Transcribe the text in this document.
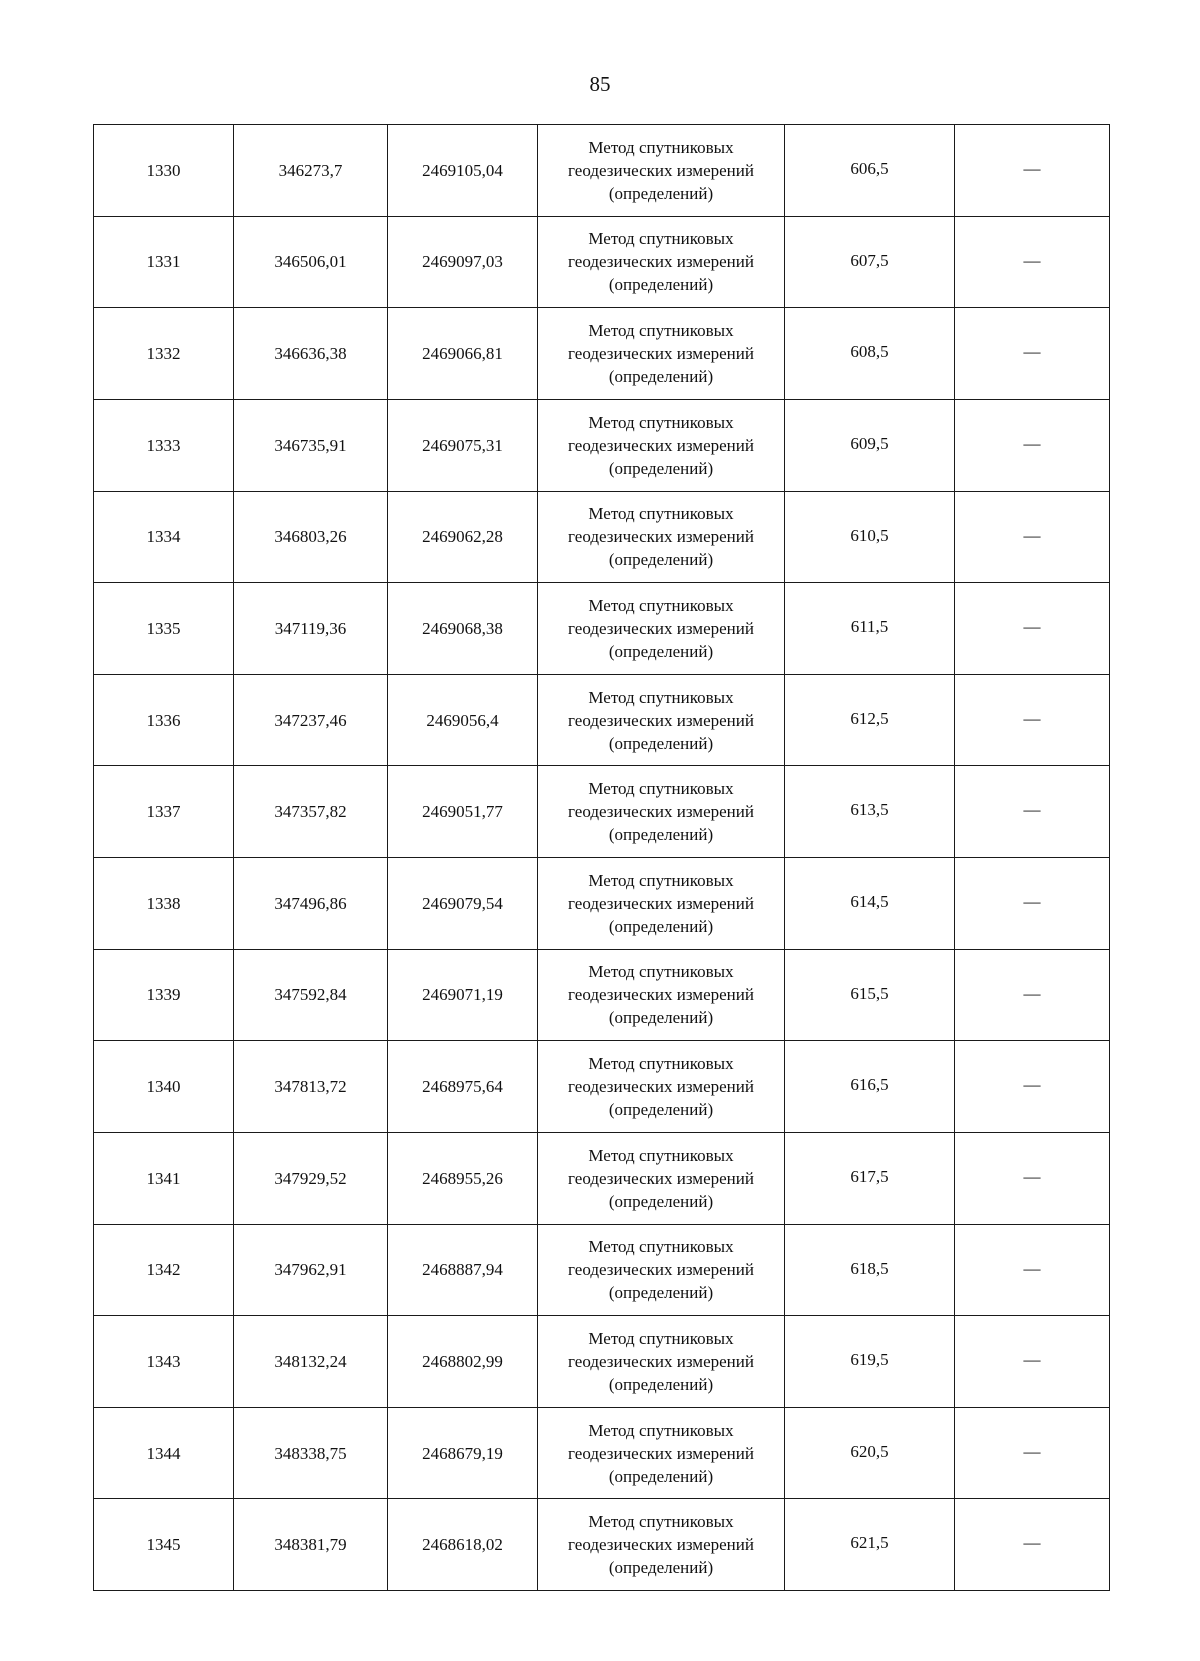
85
1330	346273,7	2469105,04	Метод спутниковых
геодезических измерений
(определений)	606,5	—
1331	346506,01	2469097,03	Метод спутниковых
геодезических измерений
(определений)	607,5	—
1332	346636,38	2469066,81	Метод спутниковых
геодезических измерений
(определений)	608,5	—
1333	346735,91	2469075,31	Метод спутниковых
геодезических измерений
(определений)	609,5	—
1334	346803,26	2469062,28	Метод спутниковых
геодезических измерений
(определений)	610,5	—
1335	347119,36	2469068,38	Метод спутниковых
геодезических измерений
(определений)	611,5	—
1336	347237,46	2469056,4	Метод спутниковых
геодезических измерений
(определений)	612,5	—
1337	347357,82	2469051,77	Метод спутниковых
геодезических измерений
(определений)	613,5	—
1338	347496,86	2469079,54	Метод спутниковых
геодезических измерений
(определений)	614,5	—
1339	347592,84	2469071,19	Метод спутниковых
геодезических измерений
(определений)	615,5	—
1340	347813,72	2468975,64	Метод спутниковых
геодезических измерений
(определений)	616,5	—
1341	347929,52	2468955,26	Метод спутниковых
геодезических измерений
(определений)	617,5	—
1342	347962,91	2468887,94	Метод спутниковых
геодезических измерений
(определений)	618,5	—
1343	348132,24	2468802,99	Метод спутниковых
геодезических измерений
(определений)	619,5	—
1344	348338,75	2468679,19	Метод спутниковых
геодезических измерений
(определений)	620,5	—
1345	348381,79	2468618,02	Метод спутниковых
геодезических измерений
(определений)	621,5	—
